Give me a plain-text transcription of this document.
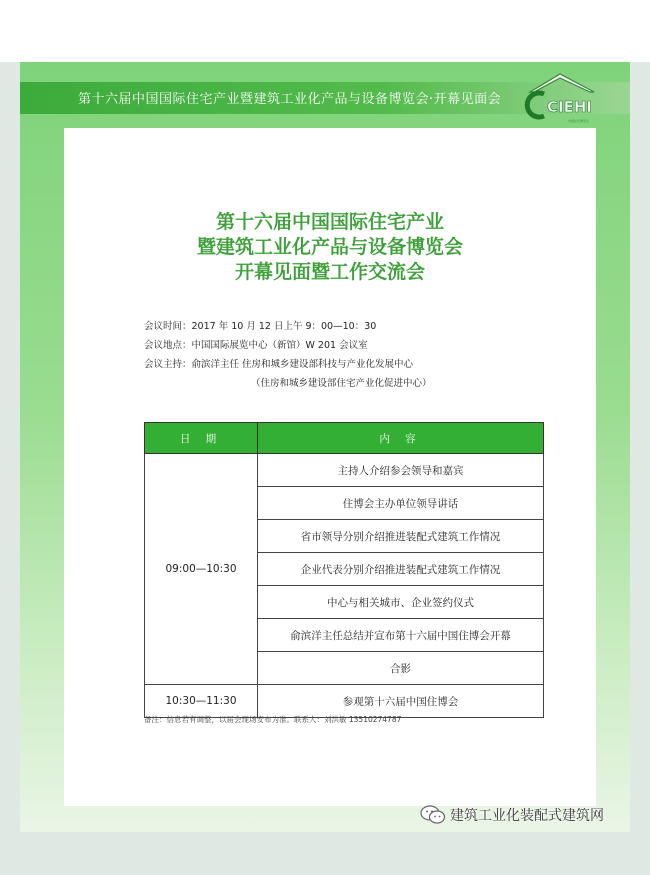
第十六届中国国际住宅产业暨建筑工业化产品与设备博览会·开幕见面会	CIEHI
中国住宅博览会
第十六届中国国际住宅产业
暨建筑工业化产品与设备博览会
开幕见面暨工作交流会
会议时间：2017 年 10 月 12 日上午 9：00—10：30
会议地点：中国国际展览中心（新馆）W 201 会议室
会议主持：俞滨洋主任 住房和城乡建设部科技与产业化发展中心
（住房和城乡建设部住宅产业化促进中心）
日 期	内 容
09:00—10:30	主持人介绍参会领导和嘉宾
	住博会主办单位领导讲话
	省市领导分别介绍推进装配式建筑工作情况
	企业代表分别介绍推进装配式建筑工作情况
	中心与相关城市、企业签约仪式
	俞滨洋主任总结并宣布第十六届中国住博会开幕
	合影
10:30—11:30	参观第十六届中国住博会
备注：信息若有调整，以届会现场安布为准。联系人：刘洪敏 13510274787
建筑工业化装配式建筑网
